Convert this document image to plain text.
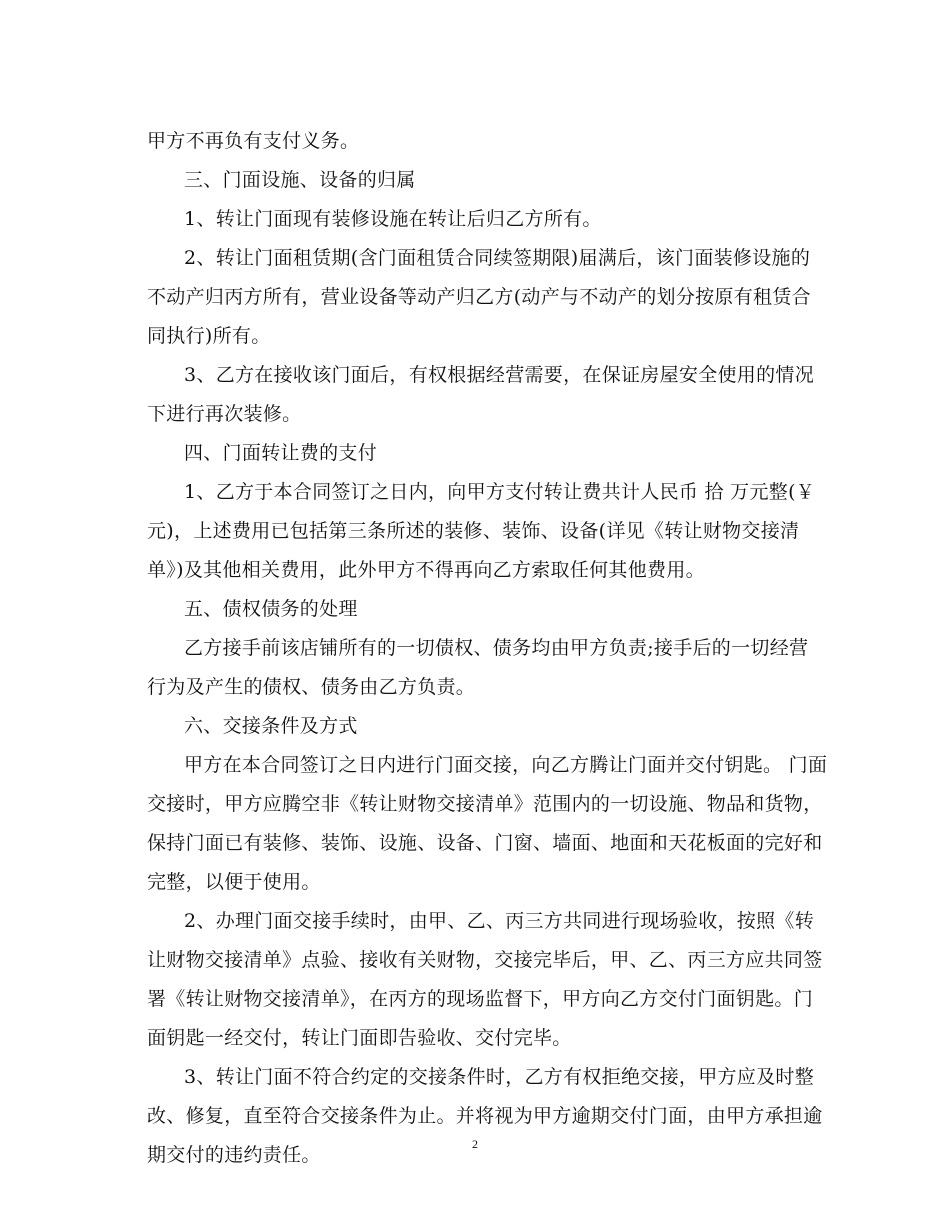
甲方不再负有支付义务。
三、门面设施、设备的归属
1、转让门面现有装修设施在转让后归乙方所有。
2、转让门面租赁期(含门面租赁合同续签期限)届满后，该门面装修设施的
不动产归丙方所有，营业设备等动产归乙方(动产与不动产的划分按原有租赁合
同执行)所有。
3、乙方在接收该门面后，有权根据经营需要，在保证房屋安全使用的情况
下进行再次装修。
四、门面转让费的支付
1、乙方于本合同签订之日内，向甲方支付转让费共计人民币 拾 万元整(￥
元)，上述费用已包括第三条所述的装修、装饰、设备(详见《转让财物交接清
单》)及其他相关费用，此外甲方不得再向乙方索取任何其他费用。
五、债权债务的处理
乙方接手前该店铺所有的一切债权、债务均由甲方负责;接手后的一切经营
行为及产生的债权、债务由乙方负责。
六、交接条件及方式
甲方在本合同签订之日内进行门面交接，向乙方腾让门面并交付钥匙。 门面
交接时，甲方应腾空非《转让财物交接清单》范围内的一切设施、物品和货物，
保持门面已有装修、装饰、设施、设备、门窗、墙面、地面和天花板面的完好和
完整，以便于使用。
2、办理门面交接手续时，由甲、乙、丙三方共同进行现场验收，按照《转
让财物交接清单》点验、接收有关财物，交接完毕后，甲、乙、丙三方应共同签
署《转让财物交接清单》，在丙方的现场监督下，甲方向乙方交付门面钥匙。门
面钥匙一经交付，转让门面即告验收、交付完毕。
3、转让门面不符合约定的交接条件时，乙方有权拒绝交接，甲方应及时整
改、修复，直至符合交接条件为止。并将视为甲方逾期交付门面，由甲方承担逾
期交付的违约责任。	2
